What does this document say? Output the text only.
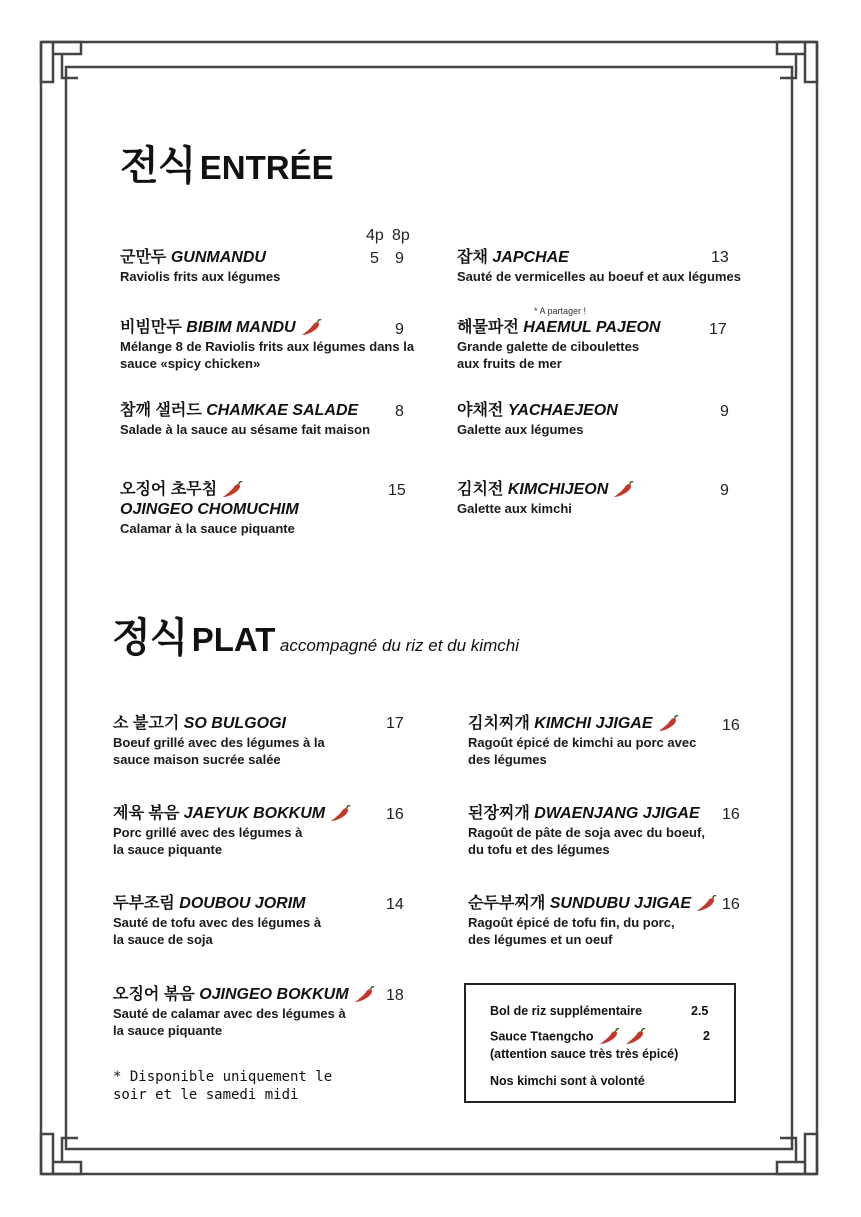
전식 ENTRÉE
4p 8p
군만두 GUNMANDU
Raviolis frits aux légumes
5 9
비빔만두 BIBIM MANDU
Mélange 8 de Raviolis frits aux légumes dans la sauce «spicy chicken»
9
참깨 샐러드 CHAMKAE SALADE
Salade à la sauce au sésame fait maison
8
오징어 초무침
OJINGEO CHOMUCHIM
Calamar à la sauce piquante
15
잡채 JAPCHAE
Sauté de vermicelles au boeuf et aux légumes
13
* A partager !
해물파전 HAEMUL PAJEON
Grande galette de ciboulettes aux fruits de mer
17
야채전 YACHAEJEON
Galette aux légumes
9
김치전 KIMCHIJEON
Galette aux kimchi
9
정식 PLAT accompagné du riz et du kimchi
소 불고기 SO BULGOGI
Boeuf grillé avec des légumes à la sauce maison sucrée salée
17
제육 볶음 JAEYUK BOKKUM
Porc grillé avec des légumes à la sauce piquante
16
두부조림 DOUBOU JORIM
Sauté de tofu avec des légumes à la sauce de soja
14
오징어 볶음 OJINGEO BOKKUM
Sauté de calamar avec des légumes à la sauce piquante
18
* Disponible uniquement le soir et le samedi midi
김치찌개 KIMCHI JJIGAE
Ragoût épicé de kimchi au porc avec des légumes
16
된장찌개 DWAENJANG JJIGAE
Ragoût de pâte de soja avec du boeuf, du tofu et des légumes
16
순두부찌개 SUNDUBU JJIGAE
Ragoût épicé de tofu fin, du porc, des légumes et un oeuf
16
Bol de riz supplémentaire	2.5
Sauce Ttaengcho	2
(attention sauce très très épicé)
Nos kimchi sont à volonté
